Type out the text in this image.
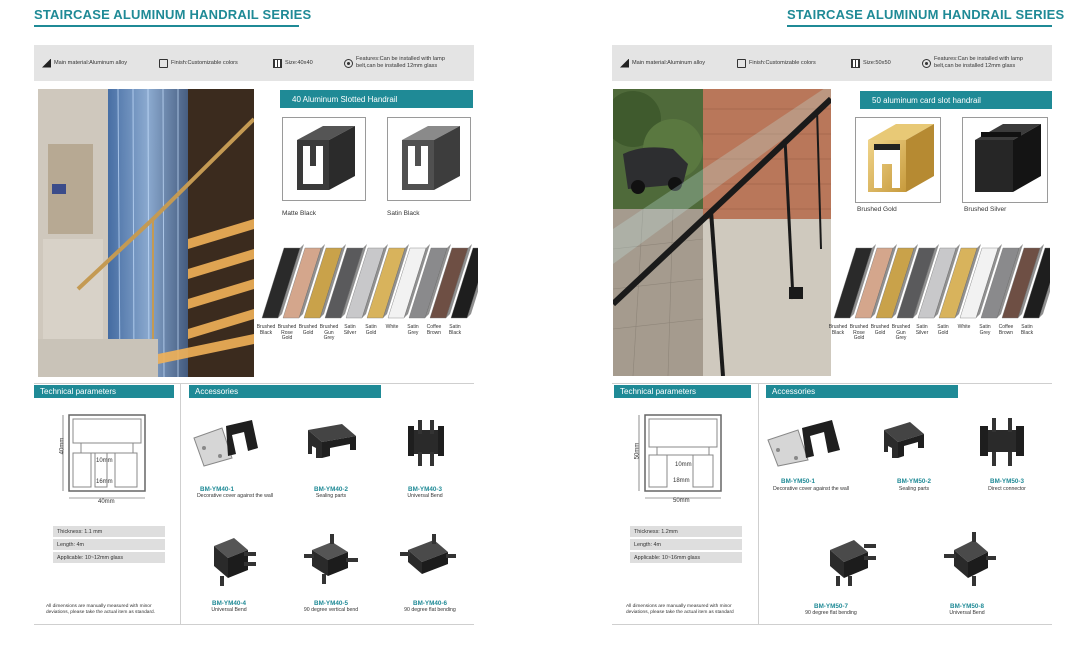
STAIRCASE ALUMINUM HANDRAIL SERIES
Main material:Aluminum alloy	Finish:Customizable colors	Size:40x40
Features:Can be installed with lamp
belt,can be installed 12mm glass
40 Aluminum Slotted Handrail
Matte Black	Satin Black
Brushed
Black
Brushed
Rose
Gold
Brushed
Gold
Brushed
Gun
Grey
Satin
Silver
Satin
Gold
White	Satin
Grey
Coffee
Brown
Satin
Black
Technical parameters	Accessories
40mm
10mm
16mm
40mm
Thickness: 1.1 mm
Length: 4m
Applicable: 10~12mm glass
All dimensions are manually measured with minor
deviations, please take the actual item as standard.
BM-YM40-1
Decorative cover against the wall
BM-YM40-2
Sealing parts
BM-YM40-3
Universal Bend
BM-YM40-4
Universal Bend
BM-YM40-5
90 degree vertical bend
BM-YM40-6
90 degree flat bending
STAIRCASE ALUMINUM HANDRAIL SERIES
Main material:Aluminum alloy	Finish:Customizable colors	Size:50x50
Features:Can be installed with lamp
belt,can be installed 12mm glass
50 aluminum card slot handrail
Brushed Gold	Brushed Silver
Brushed
Black
Brushed
Rose
Gold
Brushed
Gold
Brushed
Gun
Grey
Satin
Silver
Satin
Gold
White	Satin
Grey
Coffee
Brown
Satin
Black
Technical parameters	Accessories
50mm
10mm
18mm
50mm
Thickness: 1.2mm
Length: 4m
Applicable: 10~16mm glass
All dimensions are manually measured with minor
deviations, please take the actual item as standard
BM-YM50-1
Decorative cover against the wall
BM-YM50-2
Sealing parts
BM-YM50-3
Direct connector
BM-YM50-7
90 degree flat bending
BM-YM50-8
Universal Bend
